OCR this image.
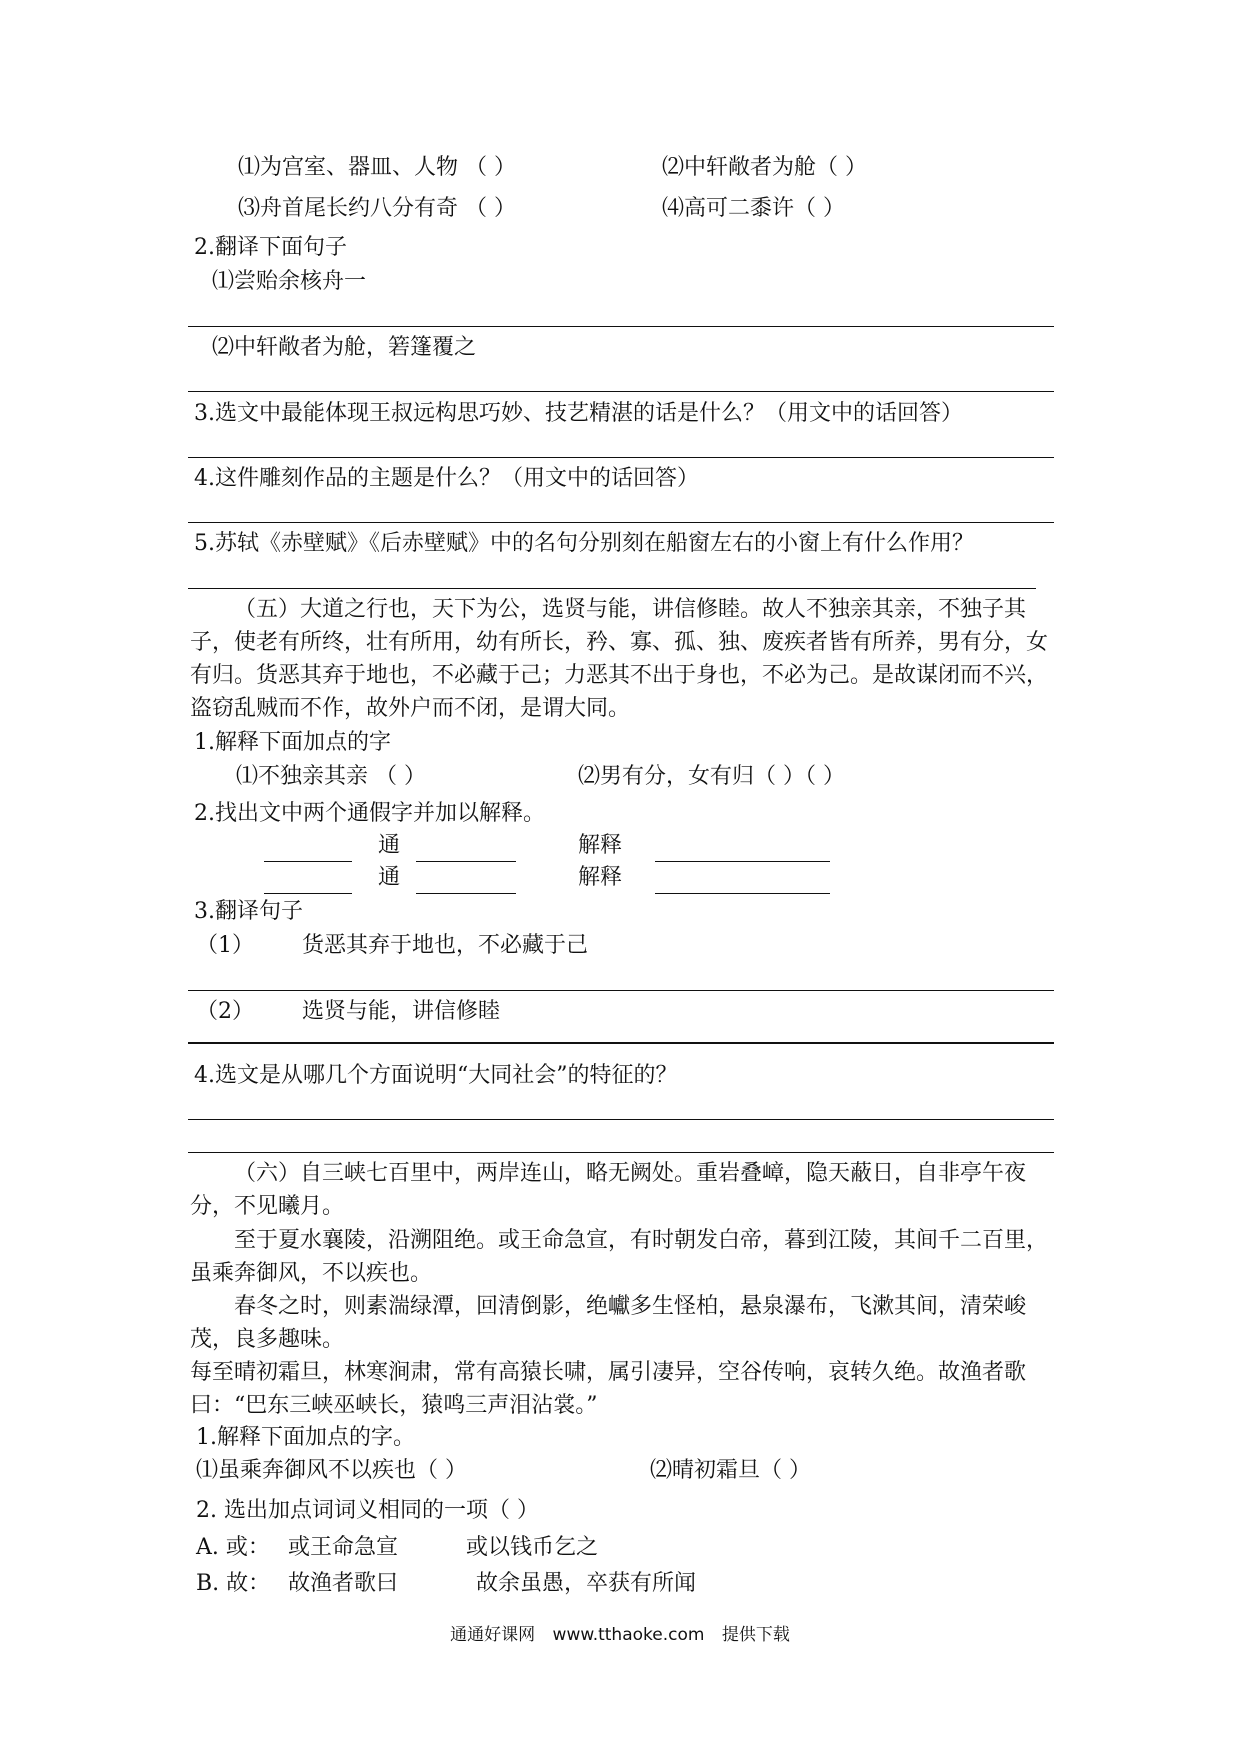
⑴为宫室、器皿、人物 （ ）	⑵中轩敞者为舱（ ）
⑶舟首尾长约八分有奇 （ ）	⑷高可二黍许（ ）
2.翻译下面句子
⑴尝贻余核舟一
⑵中轩敞者为舱，箬篷覆之
3.选文中最能体现王叔远构思巧妙、技艺精湛的话是什么？（用文中的话回答）
4.这件雕刻作品的主题是什么？（用文中的话回答）
5.苏轼《赤壁赋》《后赤壁赋》中的名句分别刻在船窗左右的小窗上有什么作用？
（五）大道之行也，天下为公，选贤与能，讲信修睦。故人不独亲其亲，不独子其子，使老有所终，壮有所用，幼有所长，矜、寡、孤、独、废疾者皆有所养，男有分，女有归。货恶其弃于地也，不必藏于己；力恶其不出于身也，不必为己。是故谋闭而不兴，盗窃乱贼而不作，故外户而不闭，是谓大同。
1.解释下面加点的字
⑴不独亲其亲 （ ）	⑵男有分，女有归（ ）（ ）
2.找出文中两个通假字并加以解释。
通	解释
通	解释
3.翻译句子
（1） 货恶其弃于地也，不必藏于己
（2） 选贤与能，讲信修睦
4.选文是从哪几个方面说明“大同社会”的特征的？
（六）自三峡七百里中，两岸连山，略无阙处。重岩叠嶂，隐天蔽日，自非亭午夜分，不见曦月。
至于夏水襄陵，沿溯阻绝。或王命急宣，有时朝发白帝，暮到江陵，其间千二百里，虽乘奔御风，不以疾也。
春冬之时，则素湍绿潭，回清倒影，绝巘多生怪柏，悬泉瀑布，飞漱其间，清荣峻茂，良多趣味。
每至晴初霜旦，林寒涧肃，常有高猿长啸，属引凄异，空谷传响，哀转久绝。故渔者歌曰：“巴东三峡巫峡长，猿鸣三声泪沾裳。”
1.解释下面加点的字。
⑴虽乘奔御风不以疾也（ ）	⑵晴初霜旦（ ）
2. 选出加点词词义相同的一项（ ）
A. 或： 或王命急宣	或以钱币乞之
B. 故： 故渔者歌曰	故余虽愚，卒获有所闻
通通好课网 www.tthaoke.com 提供下载
